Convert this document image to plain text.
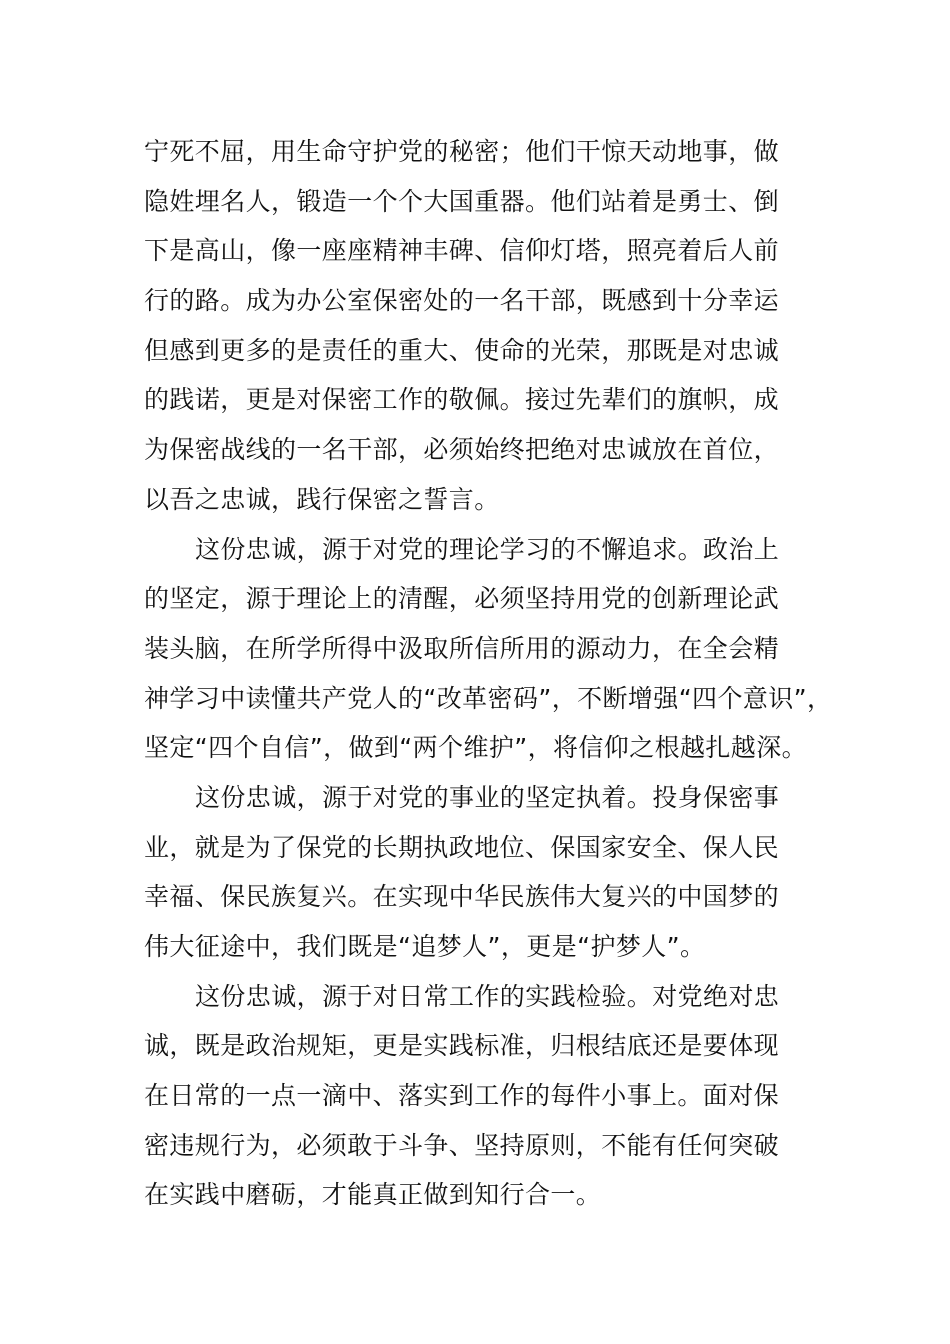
宁死不屈，用生命守护党的秘密；他们干惊天动地事，做
隐姓埋名人，锻造一个个大国重器。他们站着是勇士、倒
下是高山，像一座座精神丰碑、信仰灯塔，照亮着后人前
行的路。成为办公室保密处的一名干部，既感到十分幸运
但感到更多的是责任的重大、使命的光荣，那既是对忠诚
的践诺，更是对保密工作的敬佩。接过先辈们的旗帜，成
为保密战线的一名干部，必须始终把绝对忠诚放在首位，
以吾之忠诚，践行保密之誓言。
这份忠诚，源于对党的理论学习的不懈追求。政治上
的坚定，源于理论上的清醒，必须坚持用党的创新理论武
装头脑，在所学所得中汲取所信所用的源动力，在全会精
神学习中读懂共产党人的“改革密码”，不断增强“四个意识”，
坚定“四个自信”，做到“两个维护”，将信仰之根越扎越深。
这份忠诚，源于对党的事业的坚定执着。投身保密事
业，就是为了保党的长期执政地位、保国家安全、保人民
幸福、保民族复兴。在实现中华民族伟大复兴的中国梦的
伟大征途中，我们既是“追梦人”，更是“护梦人”。
这份忠诚，源于对日常工作的实践检验。对党绝对忠
诚，既是政治规矩，更是实践标准，归根结底还是要体现
在日常的一点一滴中、落实到工作的每件小事上。面对保
密违规行为，必须敢于斗争、坚持原则，不能有任何突破
在实践中磨砺，才能真正做到知行合一。
